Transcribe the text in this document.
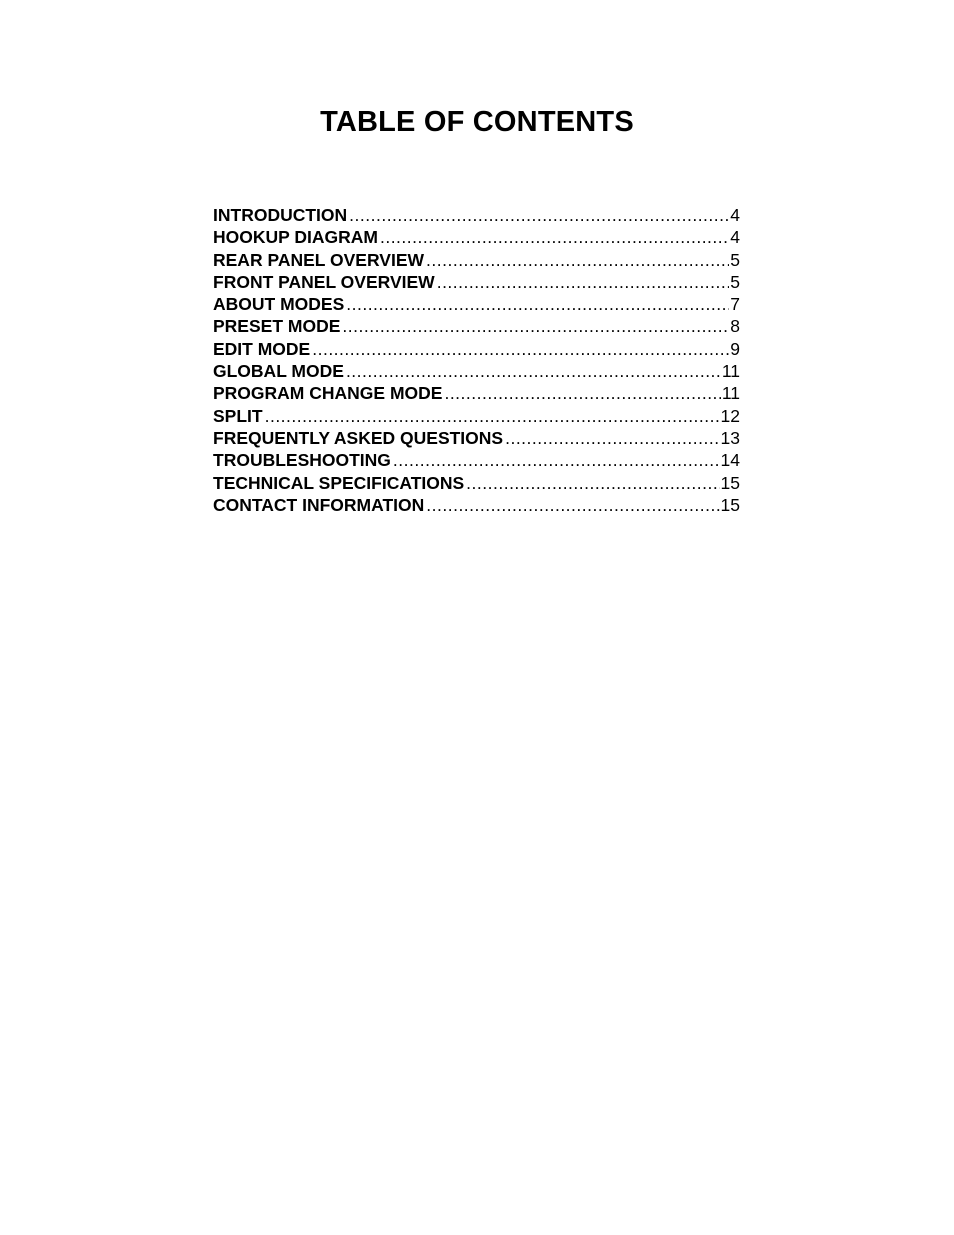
TABLE OF CONTENTS
INTRODUCTION .....	4
HOOKUP DIAGRAM .....	4
REAR PANEL OVERVIEW .....	5
FRONT PANEL OVERVIEW .....	5
ABOUT MODES .....	7
PRESET MODE .....	8
EDIT MODE .....	9
GLOBAL MODE .....	11
PROGRAM CHANGE MODE .....	11
SPLIT .....	12
FREQUENTLY ASKED QUESTIONS .....	13
TROUBLESHOOTING .....	14
TECHNICAL SPECIFICATIONS .....	15
CONTACT INFORMATION .....	15
